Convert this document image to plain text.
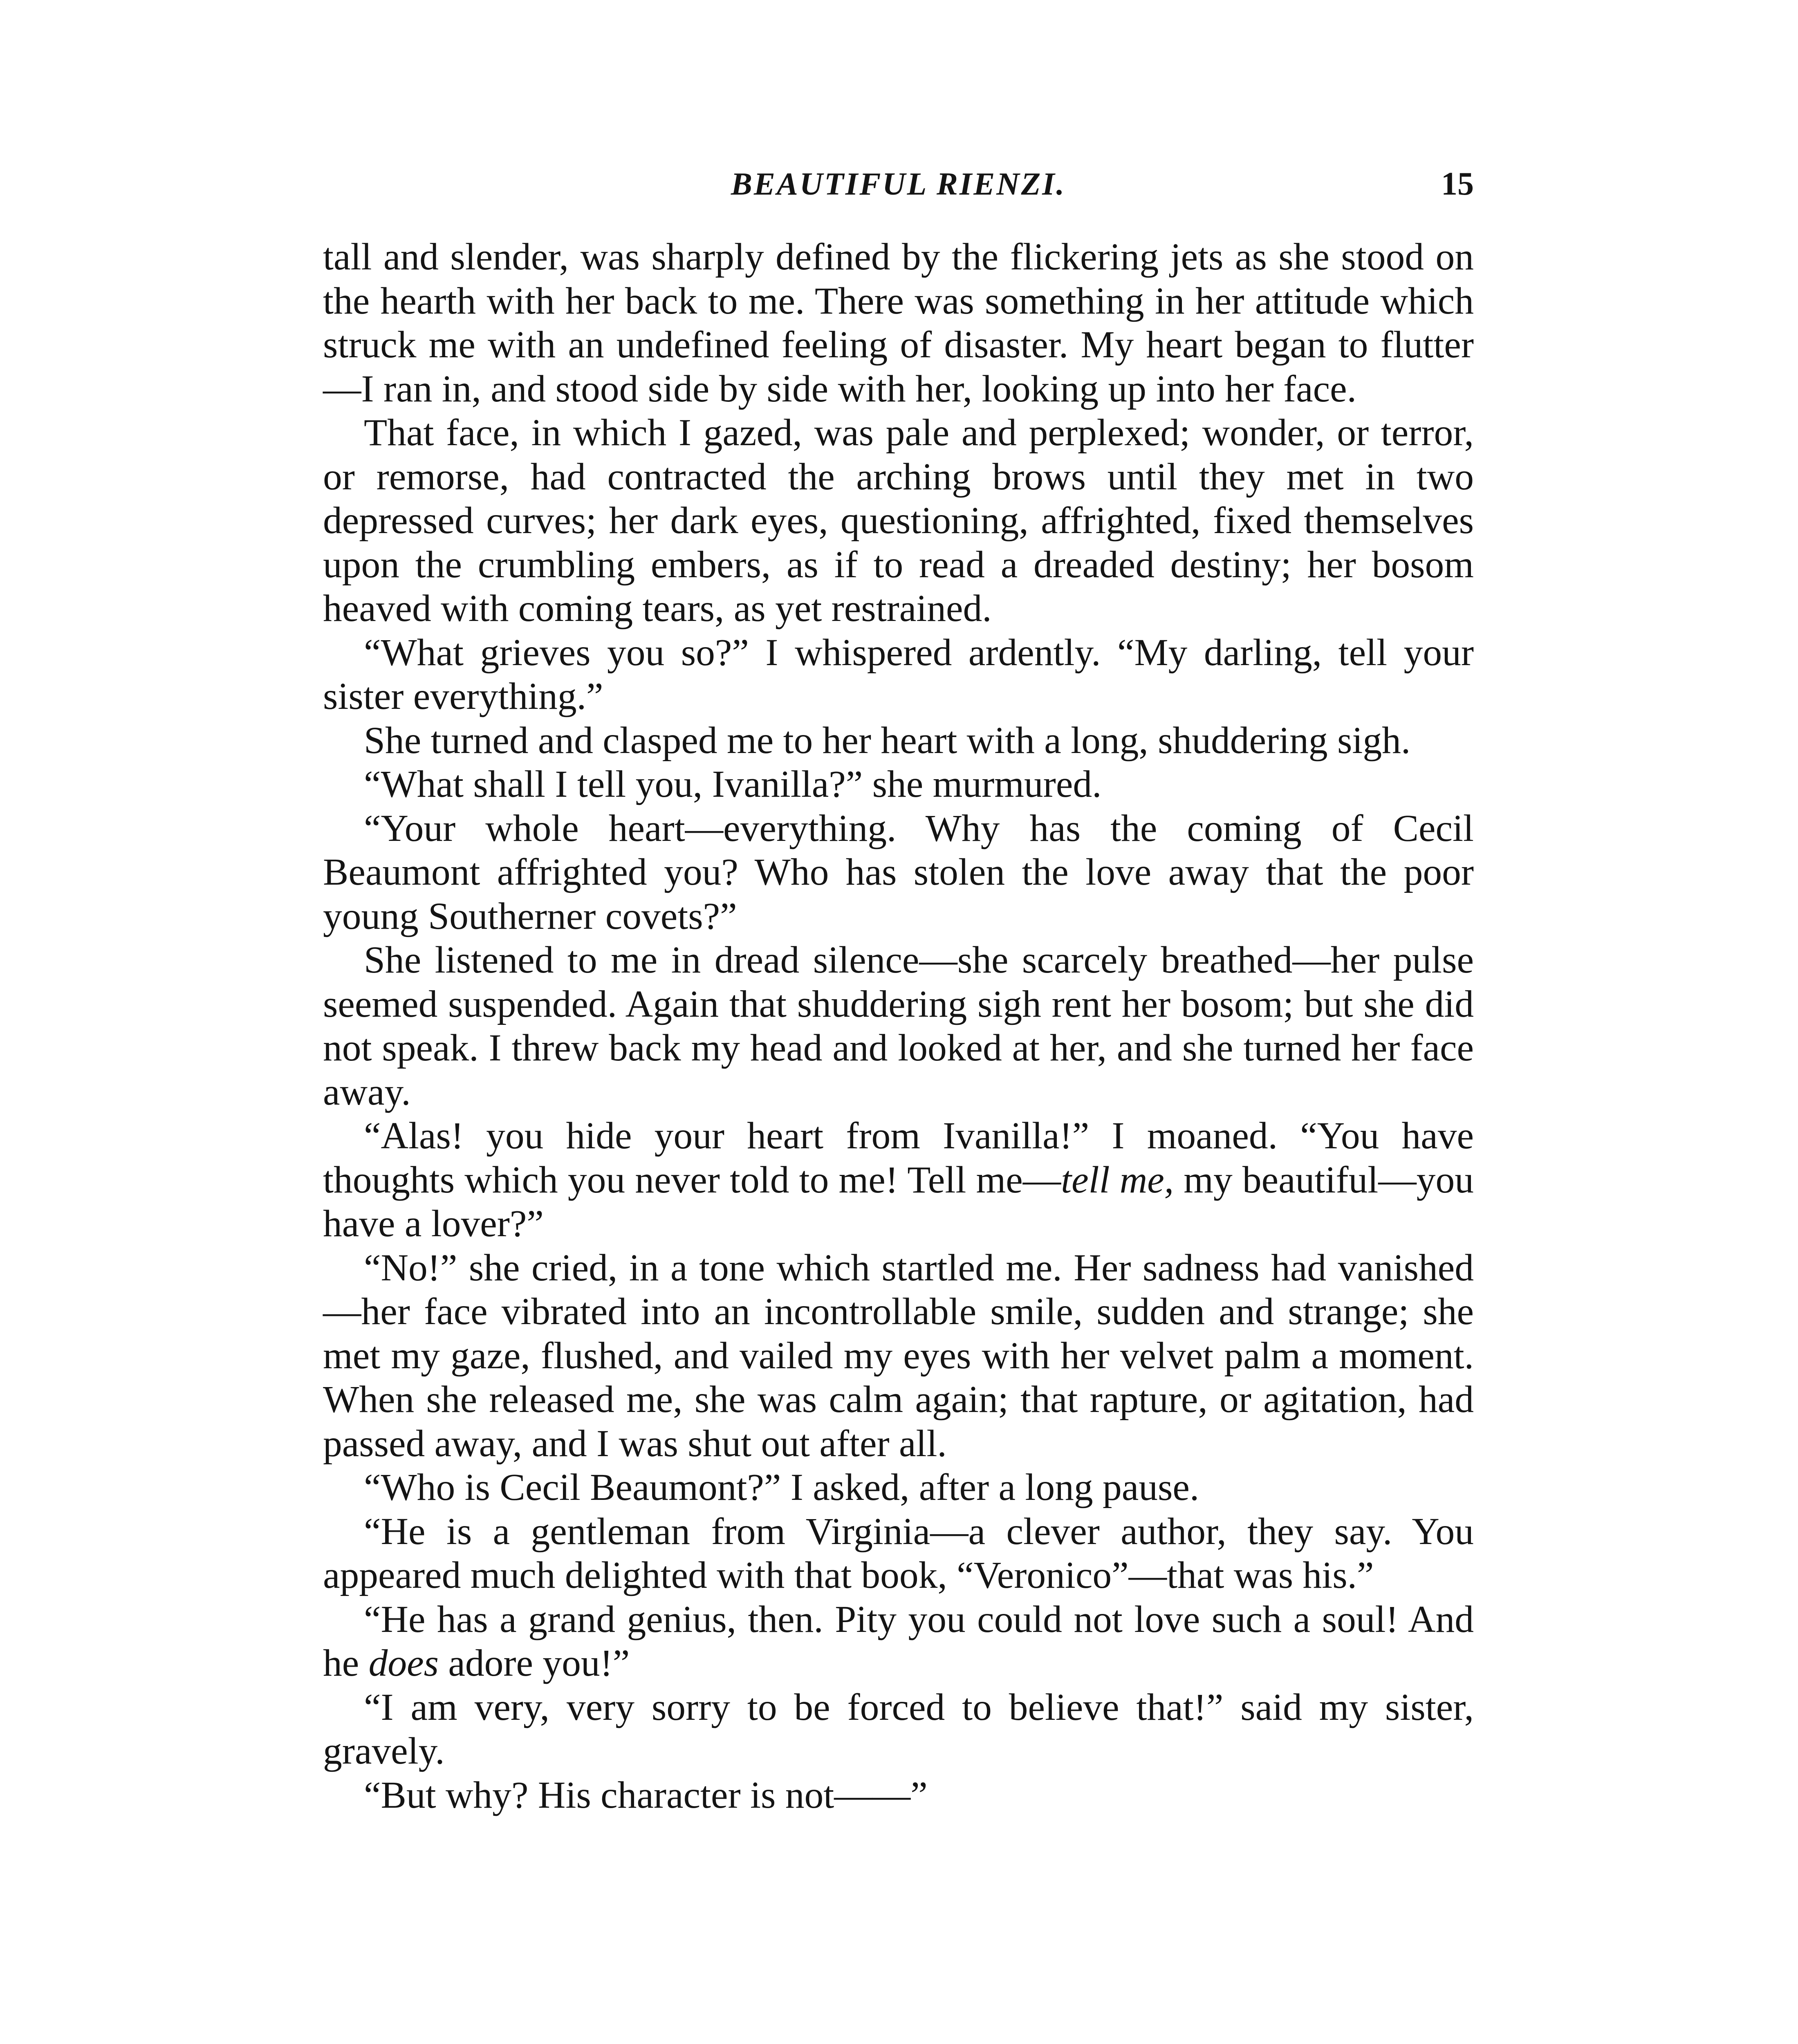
BEAUTIFUL RIENZI.	15

tall and slender, was sharply defined by the flickering jets as she stood on the hearth with her back to me. There was something in her attitude which struck me with an undefined feeling of disaster. My heart began to flutter—I ran in, and stood side by side with her, looking up into her face.

That face, in which I gazed, was pale and perplexed; wonder, or terror, or remorse, had contracted the arching brows until they met in two depressed curves; her dark eyes, questioning, affrighted, fixed themselves upon the crumbling embers, as if to read a dreaded destiny; her bosom heaved with coming tears, as yet restrained.

“What grieves you so?” I whispered ardently. “My darling, tell your sister everything.”

She turned and clasped me to her heart with a long, shuddering sigh.

“What shall I tell you, Ivanilla?” she murmured.

“Your whole heart—everything. Why has the coming of Cecil Beaumont affrighted you? Who has stolen the love away that the poor young Southerner covets?”

She listened to me in dread silence—she scarcely breathed—her pulse seemed suspended. Again that shuddering sigh rent her bosom; but she did not speak. I threw back my head and looked at her, and she turned her face away.

“Alas! you hide your heart from Ivanilla!” I moaned. “You have thoughts which you never told to me! Tell me—tell me, my beautiful—you have a lover?”

“No!” she cried, in a tone which startled me. Her sadness had vanished—her face vibrated into an incontrollable smile, sudden and strange; she met my gaze, flushed, and vailed my eyes with her velvet palm a moment. When she released me, she was calm again; that rapture, or agitation, had passed away, and I was shut out after all.

“Who is Cecil Beaumont?” I asked, after a long pause.

“He is a gentleman from Virginia—a clever author, they say. You appeared much delighted with that book, “Veronico”—that was his.”

“He has a grand genius, then. Pity you could not love such a soul! And he does adore you!”

“I am very, very sorry to be forced to believe that!” said my sister, gravely.

“But why? His character is not——”
